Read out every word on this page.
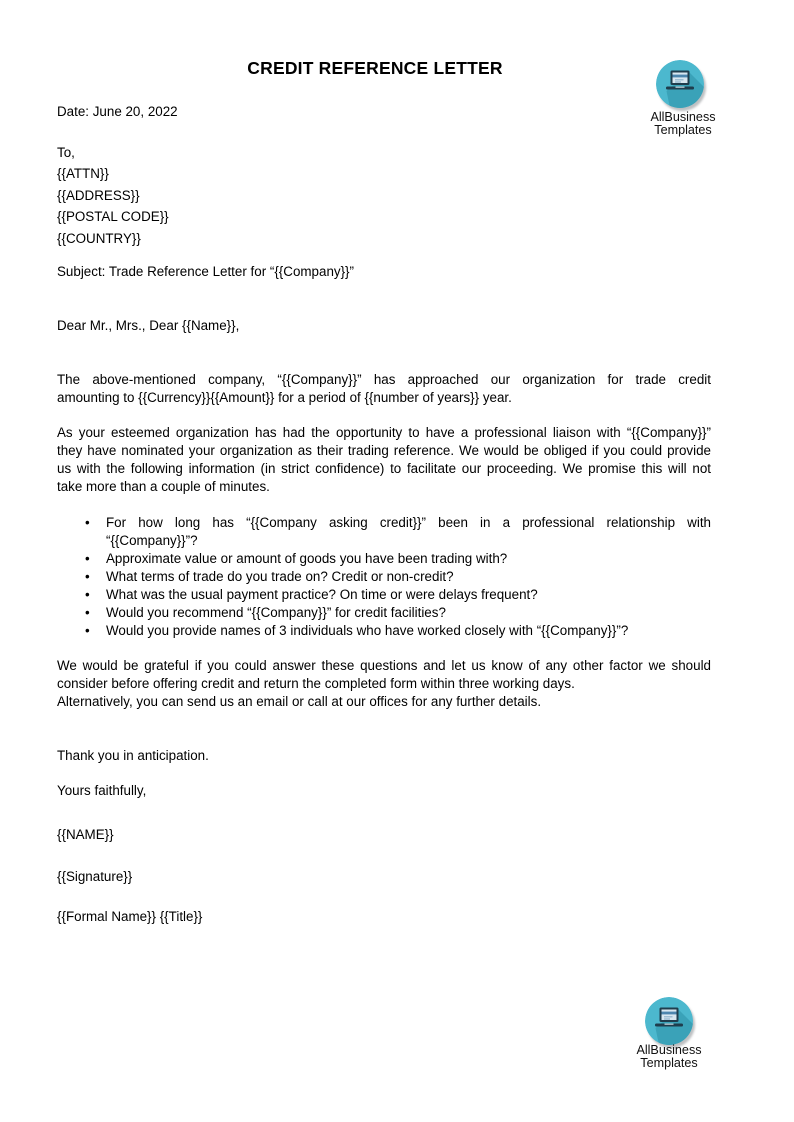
CREDIT REFERENCE LETTER
AllBusiness
Templates
Date: June 20, 2022
To,
{{ATTN}}
{{ADDRESS}}
{{POSTAL CODE}}
{{COUNTRY}}
Subject: Trade Reference Letter for “{{Company}}”
Dear Mr., Mrs., Dear {{Name}},
The above-mentioned company, “{{Company}}” has approached our organization for trade credit
amounting to {{Currency}}{{Amount}} for a period of {{number of years}} year.
As your esteemed organization has had the opportunity to have a professional liaison with “{{Company}}”
they have nominated your organization as their trading reference. We would be obliged if you could provide
us with the following information (in strict confidence) to facilitate our proceeding. We promise this will not
take more than a couple of minutes.
• For how long has “{{Company asking credit}}” been in a professional relationship with
“{{Company}}”?
• Approximate value or amount of goods you have been trading with?
• What terms of trade do you trade on? Credit or non-credit?
• What was the usual payment practice? On time or were delays frequent?
• Would you recommend “{{Company}}” for credit facilities?
• Would you provide names of 3 individuals who have worked closely with “{{Company}}”?
We would be grateful if you could answer these questions and let us know of any other factor we should
consider before offering credit and return the completed form within three working days.
Alternatively, you can send us an email or call at our offices for any further details.
Thank you in anticipation.
Yours faithfully,
{{NAME}}
{{Signature}}
{{Formal Name}} {{Title}}
AllBusiness
Templates
